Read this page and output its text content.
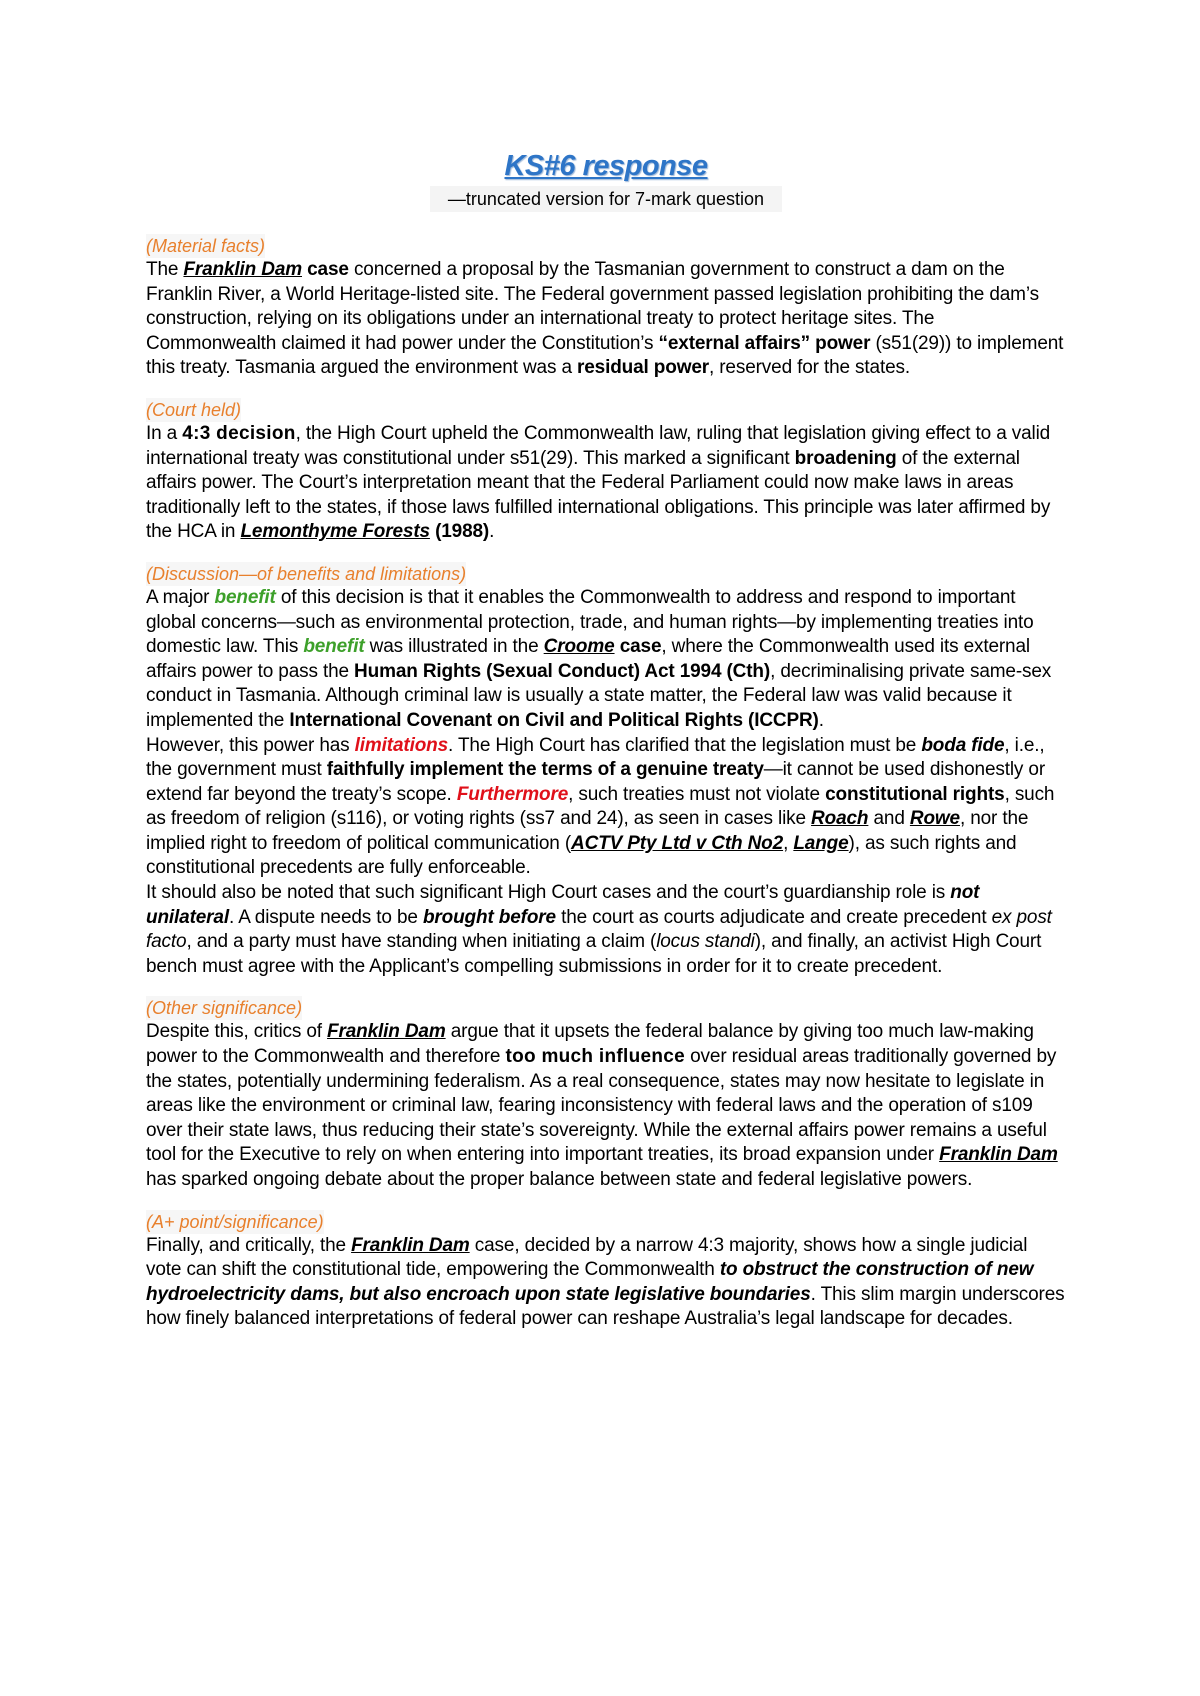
KS#6 response
—truncated version for 7-mark question
(Material facts)

The Franklin Dam case concerned a proposal by the Tasmanian government to construct a dam on the Franklin River, a World Heritage-listed site. The Federal government passed legislation prohibiting the dam’s construction, relying on its obligations under an international treaty to protect heritage sites. The Commonwealth claimed it had power under the Constitution’s “external affairs” power (s51(29)) to implement this treaty. Tasmania argued the environment was a residual power, reserved for the states.

(Court held)

In a 4:3 decision, the High Court upheld the Commonwealth law, ruling that legislation giving effect to a valid international treaty was constitutional under s51(29). This marked a significant broadening of the external affairs power. The Court’s interpretation meant that the Federal Parliament could now make laws in areas traditionally left to the states, if those laws fulfilled international obligations. This principle was later affirmed by the HCA in Lemonthyme Forests (1988).

(Discussion—of benefits and limitations)

A major benefit of this decision is that it enables the Commonwealth to address and respond to important global concerns—such as environmental protection, trade, and human rights—by implementing treaties into domestic law. This benefit was illustrated in the Croome case, where the Commonwealth used its external affairs power to pass the Human Rights (Sexual Conduct) Act 1994 (Cth), decriminalising private same-sex conduct in Tasmania. Although criminal law is usually a state matter, the Federal law was valid because it implemented the International Covenant on Civil and Political Rights (ICCPR).

However, this power has limitations. The High Court has clarified that the legislation must be boda fide, i.e., the government must faithfully implement the terms of a genuine treaty—it cannot be used dishonestly or extend far beyond the treaty’s scope. Furthermore, such treaties must not violate constitutional rights, such as freedom of religion (s116), or voting rights (ss7 and 24), as seen in cases like Roach and Rowe, nor the implied right to freedom of political communication (ACTV Pty Ltd v Cth No2, Lange), as such rights and constitutional precedents are fully enforceable.

It should also be noted that such significant High Court cases and the court’s guardianship role is not unilateral. A dispute needs to be brought before the court as courts adjudicate and create precedent ex post facto, and a party must have standing when initiating a claim (locus standi), and finally, an activist High Court bench must agree with the Applicant’s compelling submissions in order for it to create precedent.

(Other significance)

Despite this, critics of Franklin Dam argue that it upsets the federal balance by giving too much law-making power to the Commonwealth and therefore too much influence over residual areas traditionally governed by the states, potentially undermining federalism. As a real consequence, states may now hesitate to legislate in areas like the environment or criminal law, fearing inconsistency with federal laws and the operation of s109 over their state laws, thus reducing their state’s sovereignty. While the external affairs power remains a useful tool for the Executive to rely on when entering into important treaties, its broad expansion under Franklin Dam has sparked ongoing debate about the proper balance between state and federal legislative powers.

(A+ point/significance)

Finally, and critically, the Franklin Dam case, decided by a narrow 4:3 majority, shows how a single judicial vote can shift the constitutional tide, empowering the Commonwealth to obstruct the construction of new hydroelectricity dams, but also encroach upon state legislative boundaries. This slim margin underscores how finely balanced interpretations of federal power can reshape Australia’s legal landscape for decades.
